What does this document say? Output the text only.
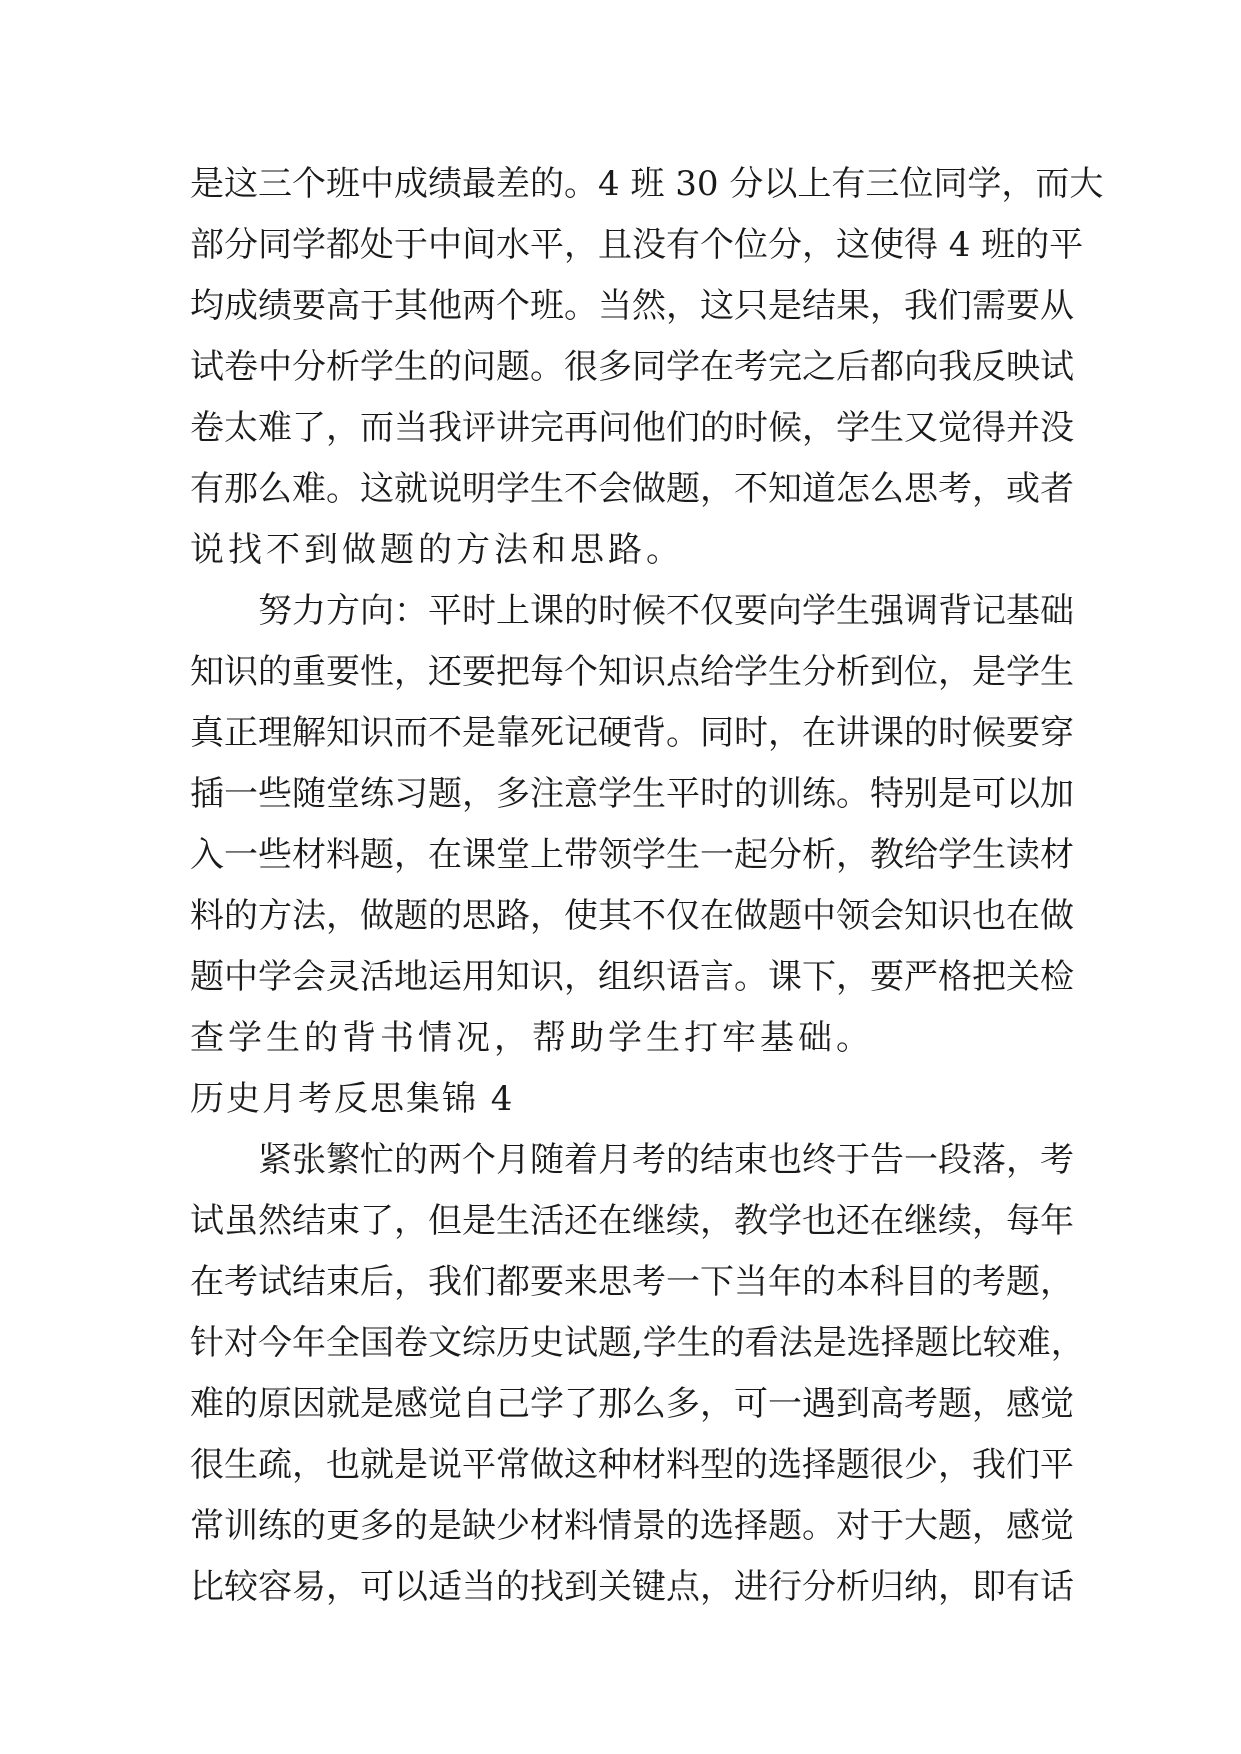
是这三个班中成绩最差的。4 班 30 分以上有三位同学，而大
部分同学都处于中间水平，且没有个位分，这使得 4 班的平
均成绩要高于其他两个班。当然，这只是结果，我们需要从
试卷中分析学生的问题。很多同学在考完之后都向我反映试
卷太难了，而当我评讲完再问他们的时候，学生又觉得并没
有那么难。这就说明学生不会做题，不知道怎么思考，或者
说找不到做题的方法和思路。
努力方向：平时上课的时候不仅要向学生强调背记基础
知识的重要性，还要把每个知识点给学生分析到位，是学生
真正理解知识而不是靠死记硬背。同时，在讲课的时候要穿
插一些随堂练习题，多注意学生平时的训练。特别是可以加
入一些材料题，在课堂上带领学生一起分析，教给学生读材
料的方法，做题的思路，使其不仅在做题中领会知识也在做
题中学会灵活地运用知识，组织语言。课下，要严格把关检
查学生的背书情况，帮助学生打牢基础。
历史月考反思集锦 4
紧张繁忙的两个月随着月考的结束也终于告一段落，考
试虽然结束了，但是生活还在继续，教学也还在继续，每年
在考试结束后，我们都要来思考一下当年的本科目的考题，
针对今年全国卷文综历史试题,学生的看法是选择题比较难，
难的原因就是感觉自己学了那么多，可一遇到高考题，感觉
很生疏，也就是说平常做这种材料型的选择题很少，我们平
常训练的更多的是缺少材料情景的选择题。对于大题，感觉
比较容易，可以适当的找到关键点，进行分析归纳，即有话
